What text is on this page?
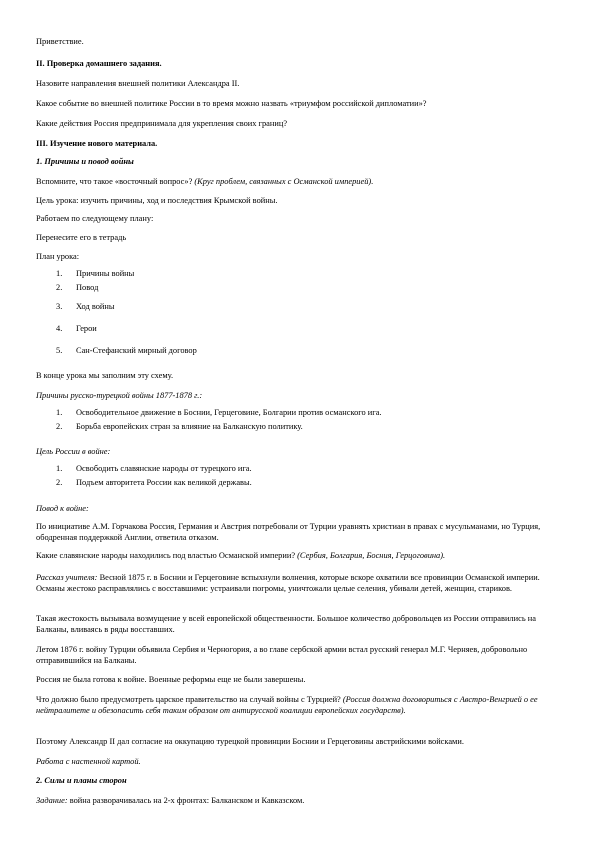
Приветствие.
II. Проверка домашнего задания.
Назовите направления внешней политики Александра II.
Какое событие во внешней политике России в то время можно назвать «триумфом российской дипломатии»?
Какие действия Россия предпринимала для укрепления своих границ?
III. Изучение нового материала.
1. Причины и повод войны
Вспомните, что такое «восточный вопрос»? (Круг проблем, связанных с Османской империей).
Цель урока: изучить причины, ход и последствия Крымской войны.
Работаем по следующему плану:
Перенесите его в тетрадь
План урока:
1. Причины войны
2. Повод
3. Ход войны
4. Герои
5. Сан-Стефанский мирный договор
В конце урока мы заполним эту схему.
Причины русско-турецкой войны 1877-1878 г.:
1. Освободительное движение в Боснии, Герцеговине, Болгарии против османского ига.
2. Борьба европейских стран за влияние на Балканскую политику.
Цель России в войне:
1. Освободить славянские народы от турецкого ига.
2. Подъем авторитета России как великой державы.
Повод к войне:
По инициативе А.М. Горчакова Россия, Германия и Австрия потребовали от Турции уравнять христиан в правах с мусульманами, но Турция, ободренная поддержкой Англии, ответила отказом.
Какие славянские народы находились под властью Османской империи? (Сербия, Болгария, Босния, Герцоговина).
Рассказ учителя: Весной 1875 г. в Боснии и Герцеговине вспыхнули волнения, которые вскоре охватили все провинции Османской империи. Османы жестоко расправлялись с восставшими: устраивали погромы, уничтожали целые селения, убивали детей, женщин, стариков.
Такая жестокость вызывала возмущение у всей европейской общественности. Большое количество добровольцев из России отправились на Балканы, вливаясь в ряды восставших.
Летом 1876 г. войну Турции объявила Сербия и Черногория, а во главе сербской армии встал русский генерал М.Г. Черняев, добровольно отправившийся на Балканы.
Россия не была готова к войне. Военные реформы еще не были завершены.
Что должно было предусмотреть царское правительство на случай войны с Турцией? (Россия должна договориться с Австро-Венгрией о ее нейтралитете и обезопасить себя таким образом от антирусской коалиции европейских государств).
Поэтому Александр II дал согласие на оккупацию турецкой провинции Боснии и Герцеговины австрийскими войсками.
Работа с настенной картой.
2. Силы и планы сторон
Задание: война разворачивалась на 2-х фронтах: Балканском и Кавказском.
